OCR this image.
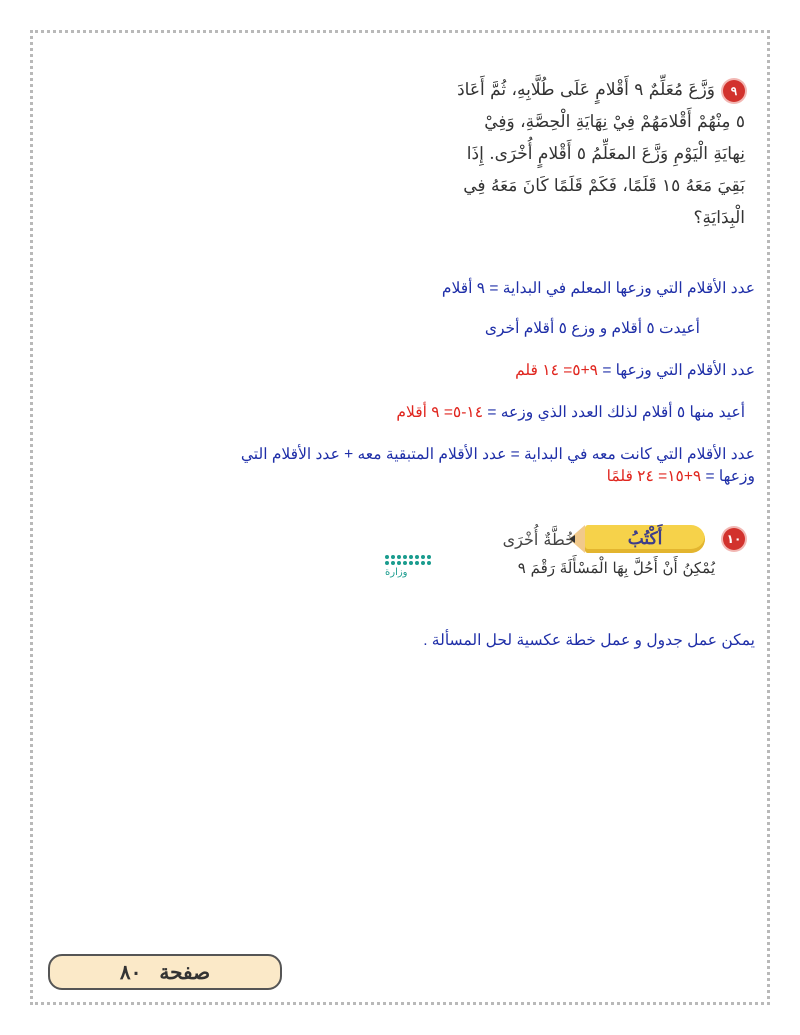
٩وَزَّعَ مُعَلِّمٌ ٩ أَقْلامٍ عَلَى طُلَّابِهِ، ثُمَّ أَعَادَ
٥ مِنْهُمْ أَقْلامَهُمْ فِيْ نِهَايَةِ الْحِصَّةِ، وَفِيْ
نِهايَةِ الْيَوْمِ وَزَّعَ المعَلِّمُ ٥ أَقْلامٍ أُخْرَى. إِذَا
بَقِيَ مَعَهُ ١٥ قَلَمًا، فَكَمْ قَلَمًا كَانَ مَعَهُ فِي
الْبِدَايَةِ؟
عدد الأقلام التي وزعها المعلم في البداية = ٩ أقلام
أعيدت ٥ أقلام و وزع ٥ أقلام أخرى
عدد الأقلام التي وزعها = ٩+٥= ١٤ قلم
أعيد منها ٥ أقلام لذلك العدد الذي وزعه = ١٤-٥= ٩ أقلام
عدد الأقلام التي كانت معه في البداية = عدد الأقلام المتبقية معه + عدد الأقلام التي
وزعها = ٩+١٥= ٢٤ قلمًا
١٠
أَكْتُبُ
خُطَّةٌ أُخْرَى
يُمْكِنُ أَنْ أَحُلَّ بِهَا الْمَسْأَلَةَ رَقْمَ ٩
وزارة
يمكن عمل جدول و عمل خطة عكسية لحل المسألة .
صفحة
٨٠
